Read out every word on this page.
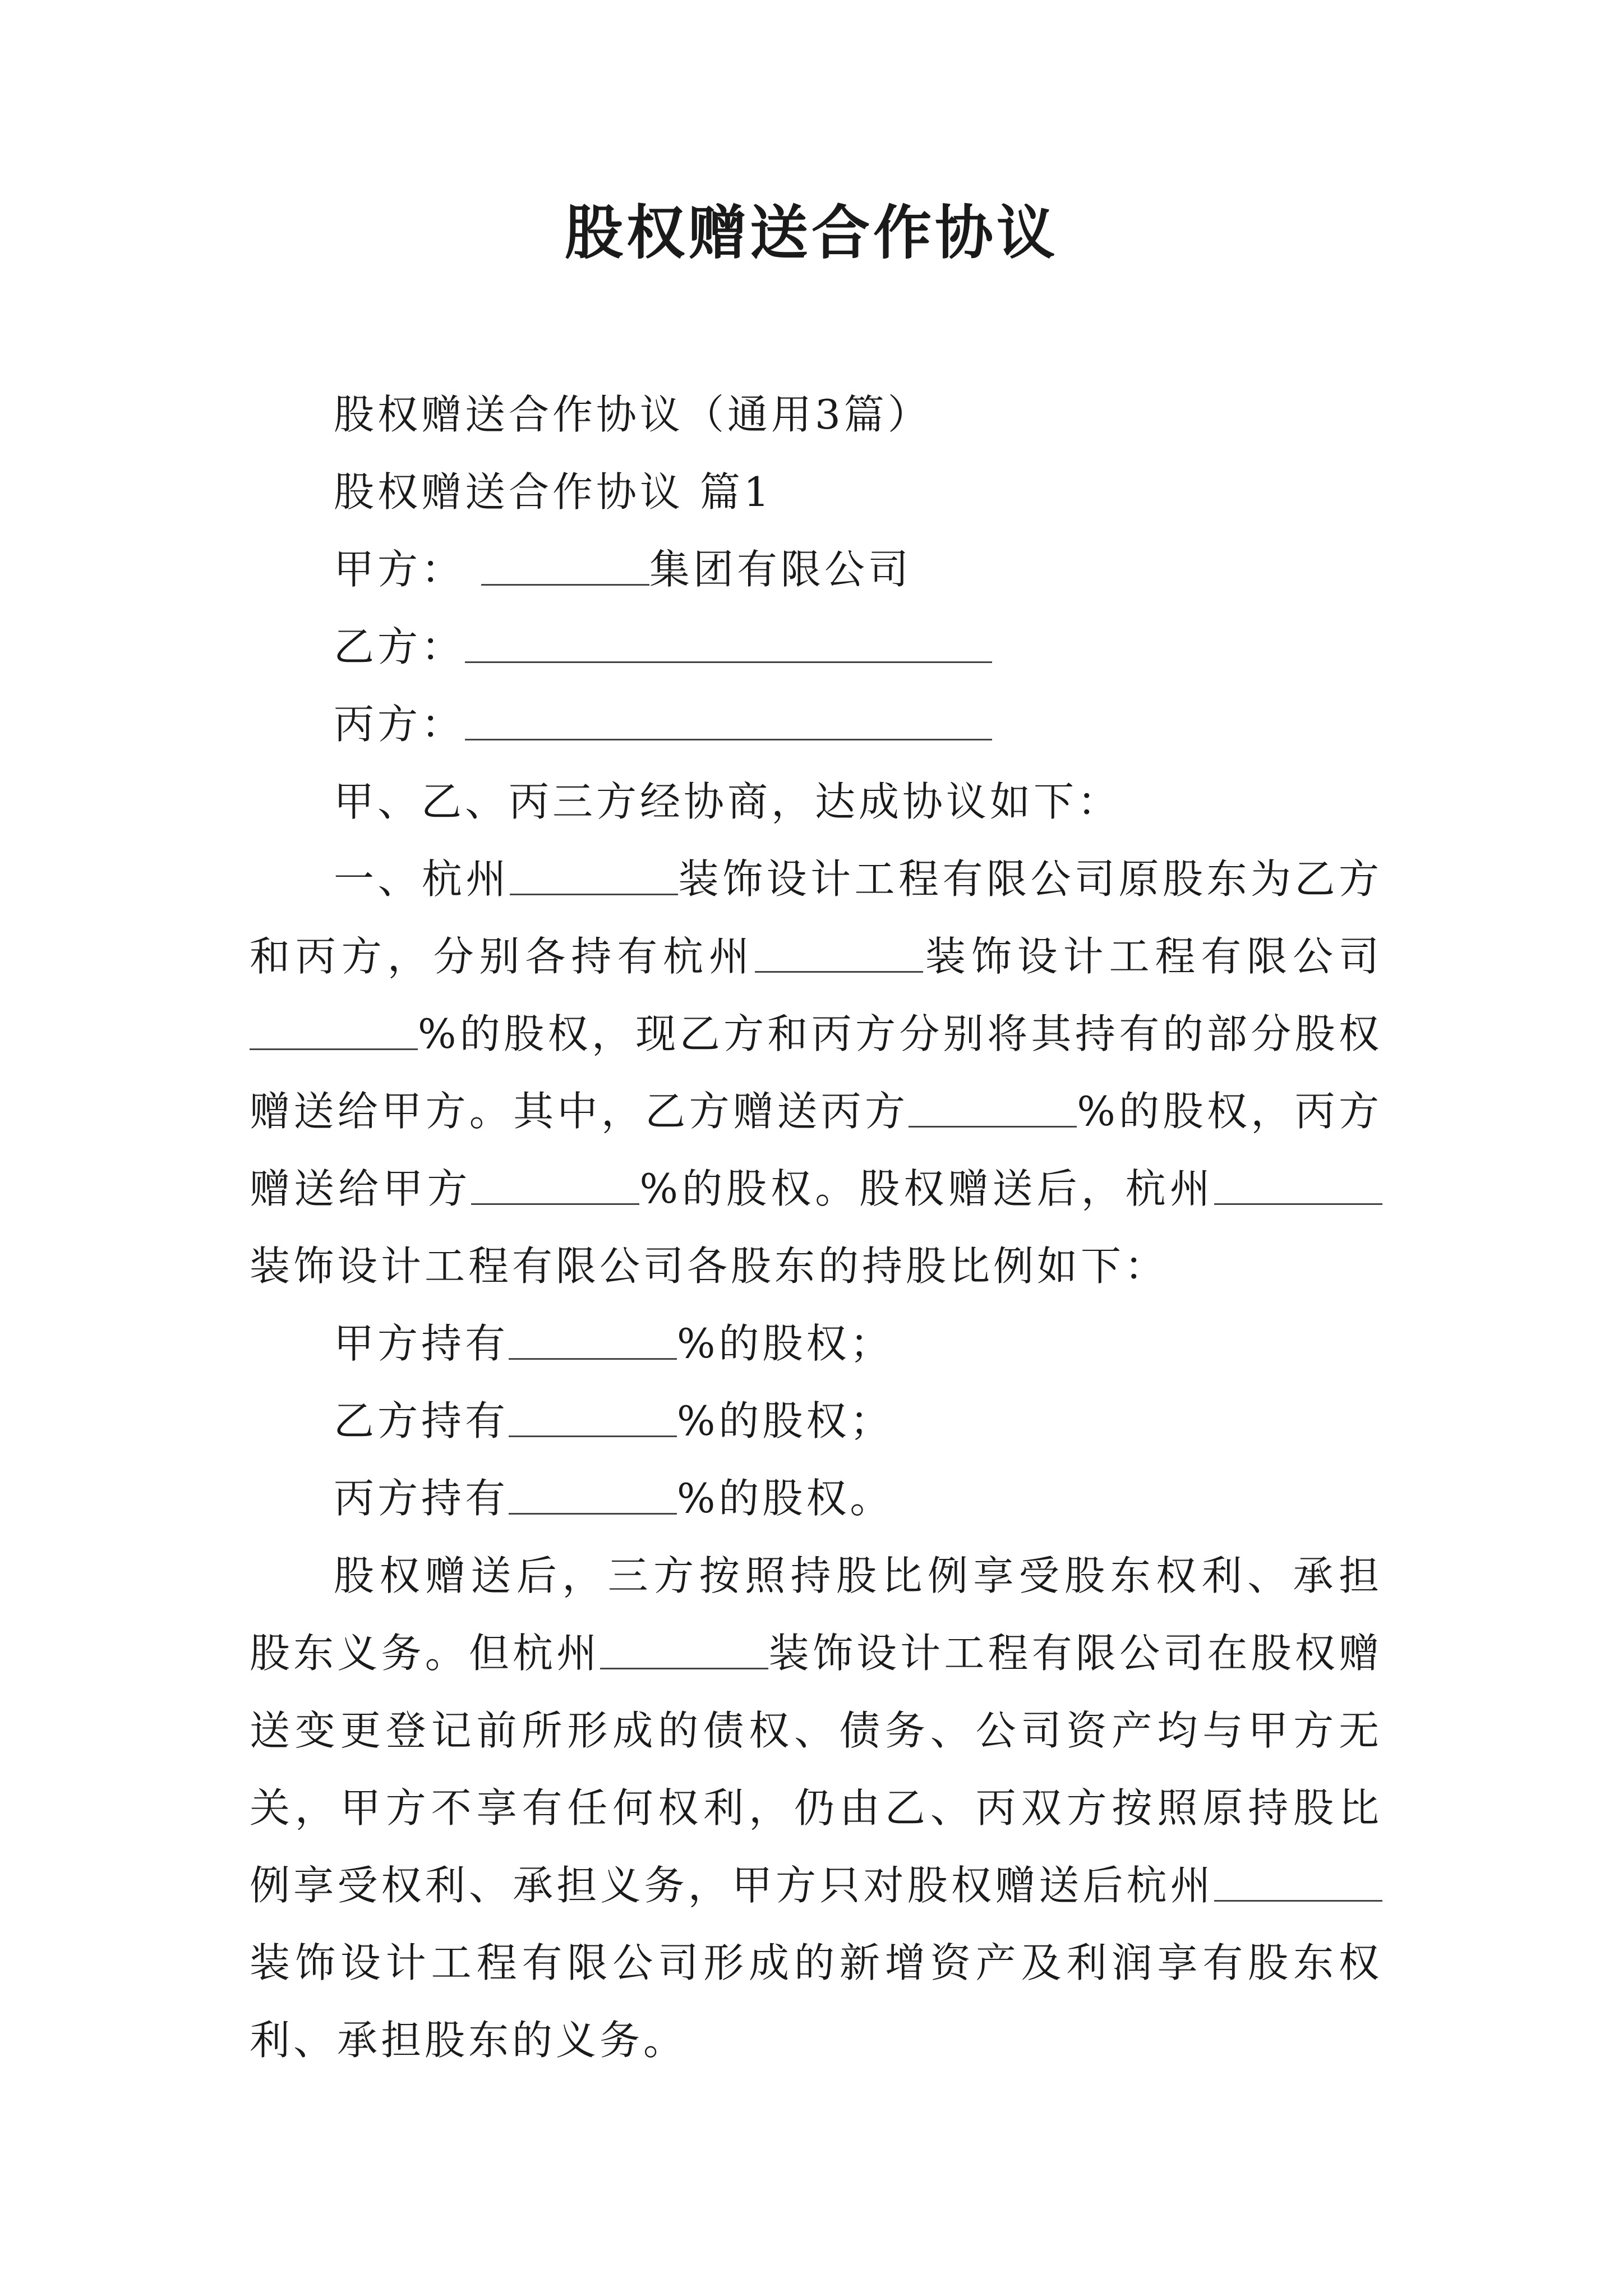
股权赠送合作协议

股权赠送合作协议（通用3篇）

股权赠送合作协议 篇1

甲方：	集团有限公司

乙方：

丙方：

甲、乙、丙三方经协商，达成协议如下：

一、杭州	装饰设计工程有限公司原股东为乙方和丙方，分别各持有杭州	装饰设计工程有限公司%的股权，现乙方和丙方分别将其持有的部分股权赠送给甲方。其中，乙方赠送丙方	%的股权，丙方赠送给甲方	%的股权。股权赠送后，杭州装饰设计工程有限公司各股东的持股比例如下：

甲方持有	%的股权；

乙方持有	%的股权；

丙方持有	%的股权。

股权赠送后，三方按照持股比例享受股东权利、承担股东义务。但杭州	装饰设计工程有限公司在股权赠送变更登记前所形成的债权、债务、公司资产均与甲方无关，甲方不享有任何权利，仍由乙、丙双方按照原持股比例享受权利、承担义务，甲方只对股权赠送后杭州装饰设计工程有限公司形成的新增资产及利润享有股东权利、承担股东的义务。
